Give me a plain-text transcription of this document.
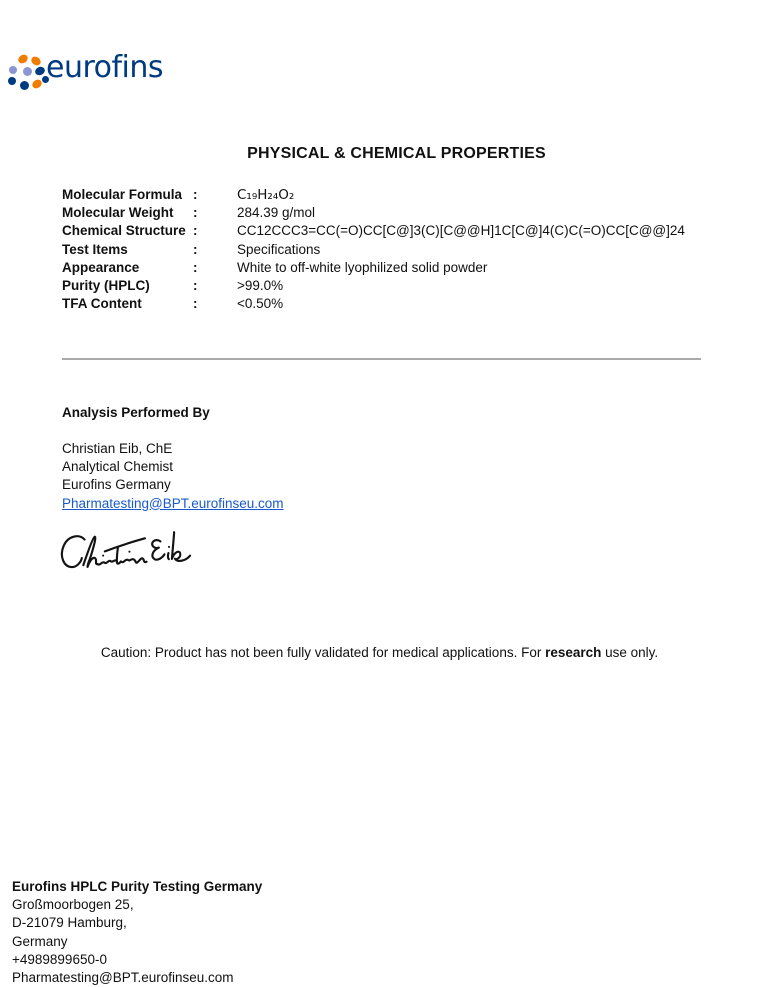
eurofins
PHYSICAL & CHEMICAL PROPERTIES
Molecular Formula :	C₁₉H₂₄O₂
Molecular Weight	:	284.39 g/mol
Chemical Structure :	CC12CCC3=CC(=O)CC[C@]3(C)[C@@H]1C[C@]4(C)C(=O)CC[C@@]24
Test Items	:	Specifications
Appearance	:	White to off-white lyophilized solid powder
Purity (HPLC)	:	>99.0%
TFA Content	:	<0.50%
Analysis Performed By
Christian Eib, ChE
Analytical Chemist
Eurofins Germany
Pharmatesting@BPT.eurofinseu.com
Caution: Product has not been fully validated for medical applications. For research use only.
Eurofins HPLC Purity Testing Germany
Großmoorbogen 25,
D-21079 Hamburg,
Germany
+4989899650-0
Pharmatesting@BPT.eurofinseu.com
